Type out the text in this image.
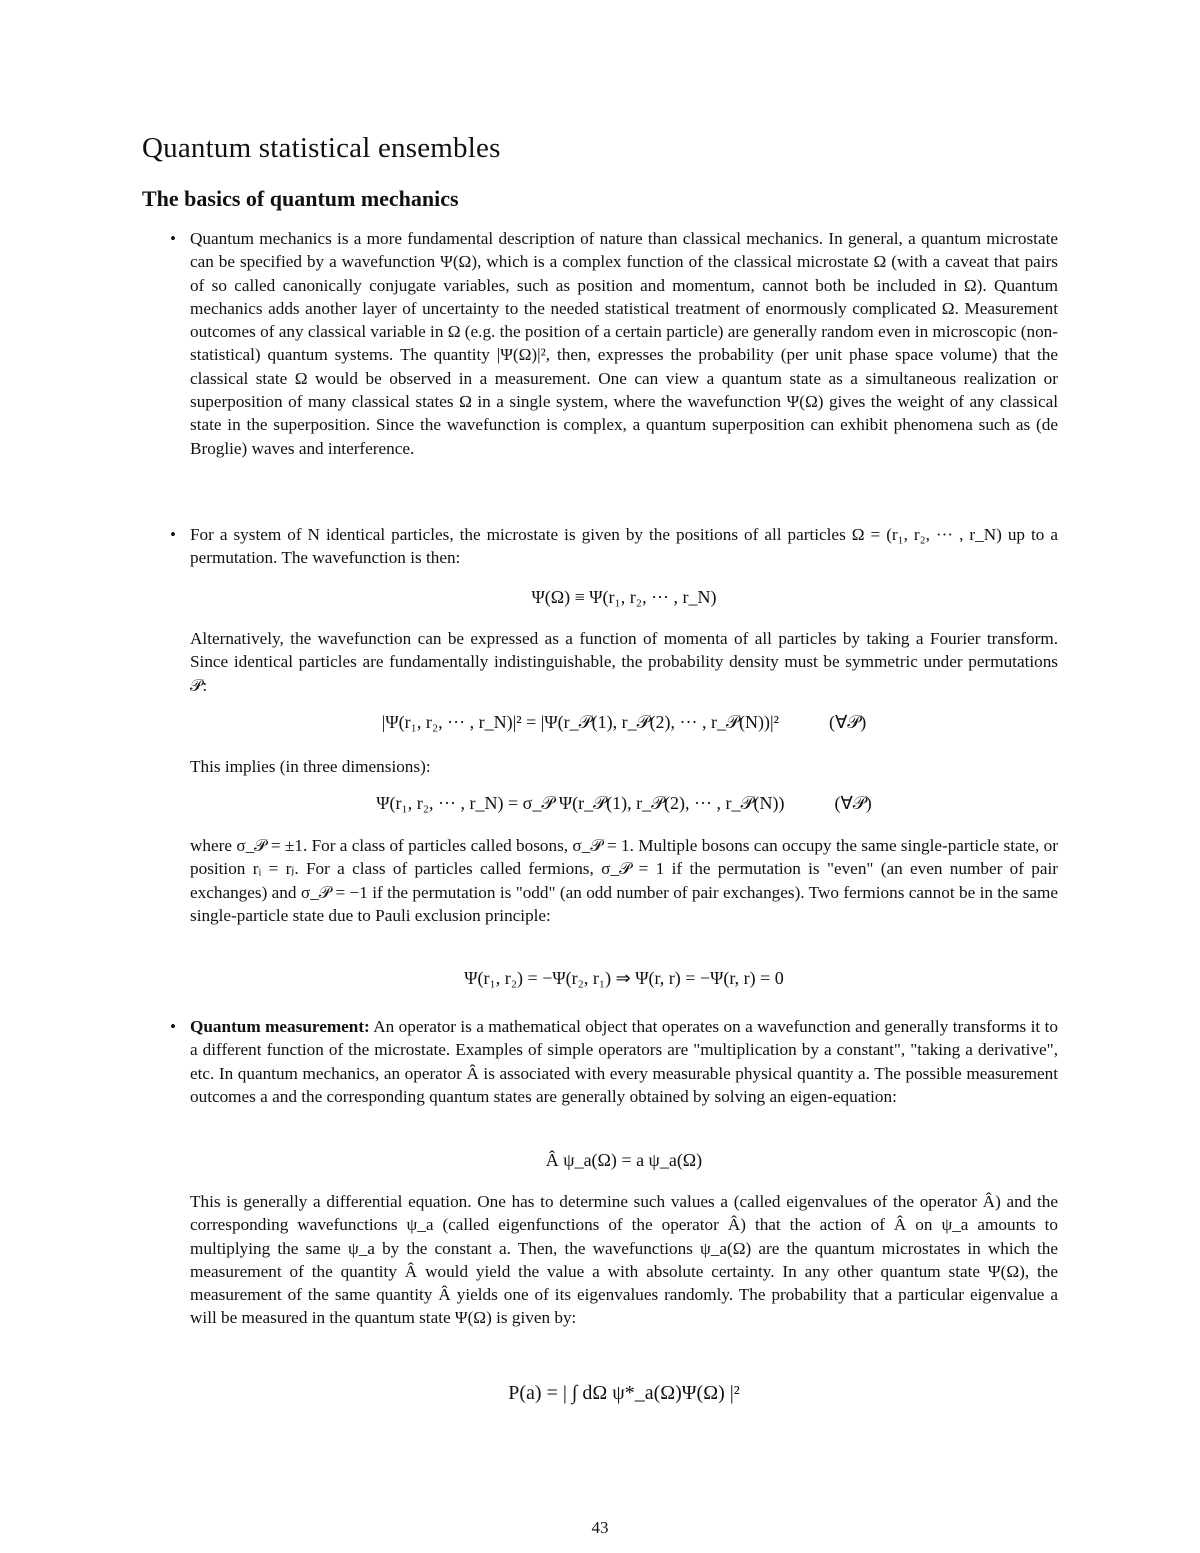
Quantum statistical ensembles
The basics of quantum mechanics
• Quantum mechanics is a more fundamental description of nature than classical mechanics. In general, a quantum microstate can be specified by a wavefunction Ψ(Ω), which is a complex function of the classical microstate Ω (with a caveat that pairs of so called canonically conjugate variables, such as position and momentum, cannot both be included in Ω). Quantum mechanics adds another layer of uncertainty to the needed statistical treatment of enormously complicated Ω. Measurement outcomes of any classical variable in Ω (e.g. the position of a certain particle) are generally random even in microscopic (non-statistical) quantum systems. The quantity |Ψ(Ω)|², then, expresses the probability (per unit phase space volume) that the classical state Ω would be observed in a measurement. One can view a quantum state as a simultaneous realization or superposition of many classical states Ω in a single system, where the wavefunction Ψ(Ω) gives the weight of any classical state in the superposition. Since the wavefunction is complex, a quantum superposition can exhibit phenomena such as (de Broglie) waves and interference.
• For a system of N identical particles, the microstate is given by the positions of all particles Ω = (r₁, r₂, ··· , r_N) up to a permutation. The wavefunction is then:
Ψ(Ω) ≡ Ψ(r₁, r₂, ··· , r_N)
Alternatively, the wavefunction can be expressed as a function of momenta of all particles by taking a Fourier transform. Since identical particles are fundamentally indistinguishable, the probability density must be symmetric under permutations 𝒫:
|Ψ(r₁, r₂, ··· , r_N)|² = |Ψ(r_𝒫(1), r_𝒫(2), ··· , r_𝒫(N))|²	(∀𝒫)
This implies (in three dimensions):
Ψ(r₁, r₂, ··· , r_N) = σ_𝒫 Ψ(r_𝒫(1), r_𝒫(2), ··· , r_𝒫(N))	(∀𝒫)
where σ_𝒫 = ±1. For a class of particles called bosons, σ_𝒫 = 1. Multiple bosons can occupy the same single-particle state, or position rᵢ = rⱼ. For a class of particles called fermions, σ_𝒫 = 1 if the permutation is "even" (an even number of pair exchanges) and σ_𝒫 = −1 if the permutation is "odd" (an odd number of pair exchanges). Two fermions cannot be in the same single-particle state due to Pauli exclusion principle:
Ψ(r₁, r₂) = −Ψ(r₂, r₁) ⇒ Ψ(r, r) = −Ψ(r, r) = 0
• Quantum measurement: An operator is a mathematical object that operates on a wavefunction and generally transforms it to a different function of the microstate. Examples of simple operators are "multiplication by a constant", "taking a derivative", etc. In quantum mechanics, an operator Â is associated with every measurable physical quantity a. The possible measurement outcomes a and the corresponding quantum states are generally obtained by solving an eigen-equation:
Â ψ_a(Ω) = a ψ_a(Ω)
This is generally a differential equation. One has to determine such values a (called eigenvalues of the operator Â) and the corresponding wavefunctions ψ_a (called eigenfunctions of the operator Â) that the action of Â on ψ_a amounts to multiplying the same ψ_a by the constant a. Then, the wavefunctions ψ_a(Ω) are the quantum microstates in which the measurement of the quantity Â would yield the value a with absolute certainty. In any other quantum state Ψ(Ω), the measurement of the same quantity Â yields one of its eigenvalues randomly. The probability that a particular eigenvalue a will be measured in the quantum state Ψ(Ω) is given by:
P(a) = | ∫ dΩ ψ*_a(Ω)Ψ(Ω) |²
43
